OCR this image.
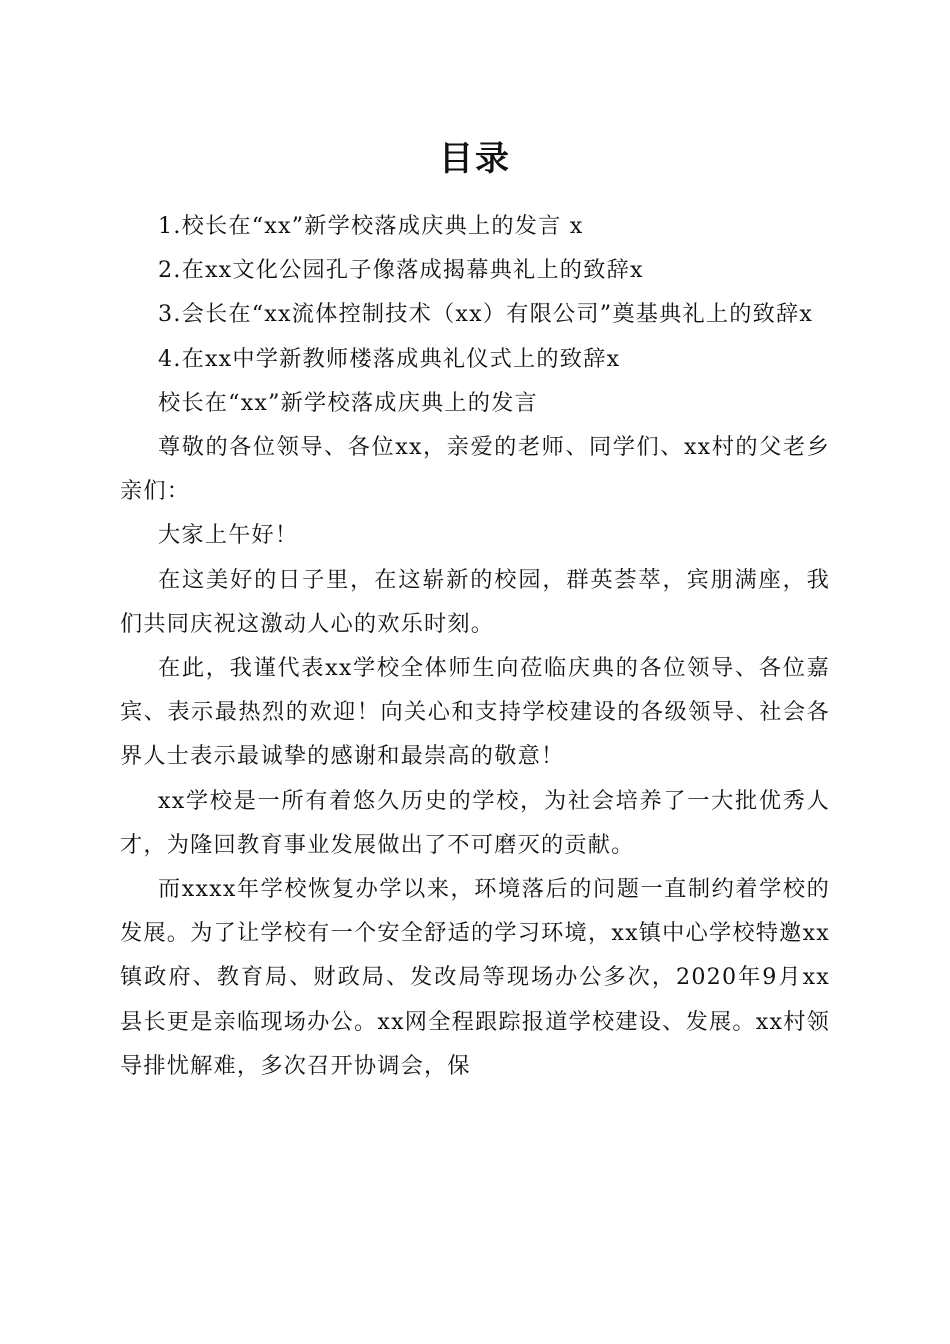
目录

1.校长在“xx”新学校落成庆典上的发言 x

2.在xx文化公园孔子像落成揭幕典礼上的致辞x

3.会长在“xx流体控制技术（xx）有限公司”奠基典礼上的致辞x

4.在xx中学新教师楼落成典礼仪式上的致辞x

校长在“xx”新学校落成庆典上的发言

尊敬的各位领导、各位xx，亲爱的老师、同学们、xx村的父老乡亲们：

大家上午好！

在这美好的日子里，在这崭新的校园，群英荟萃，宾朋满座，我们共同庆祝这激动人心的欢乐时刻。

在此，我谨代表xx学校全体师生向莅临庆典的各位领导、各位嘉宾、表示最热烈的欢迎！向关心和支持学校建设的各级领导、社会各界人士表示最诚挚的感谢和最崇高的敬意！

xx学校是一所有着悠久历史的学校，为社会培养了一大批优秀人才，为隆回教育事业发展做出了不可磨灭的贡献。

而xxxx年学校恢复办学以来，环境落后的问题一直制约着学校的发展。为了让学校有一个安全舒适的学习环境，xx镇中心学校特邀xx镇政府、教育局、财政局、发改局等现场办公多次，2020年9月xx县长更是亲临现场办公。xx网全程跟踪报道学校建设、发展。xx村领导排忧解难，多次召开协调会，保
